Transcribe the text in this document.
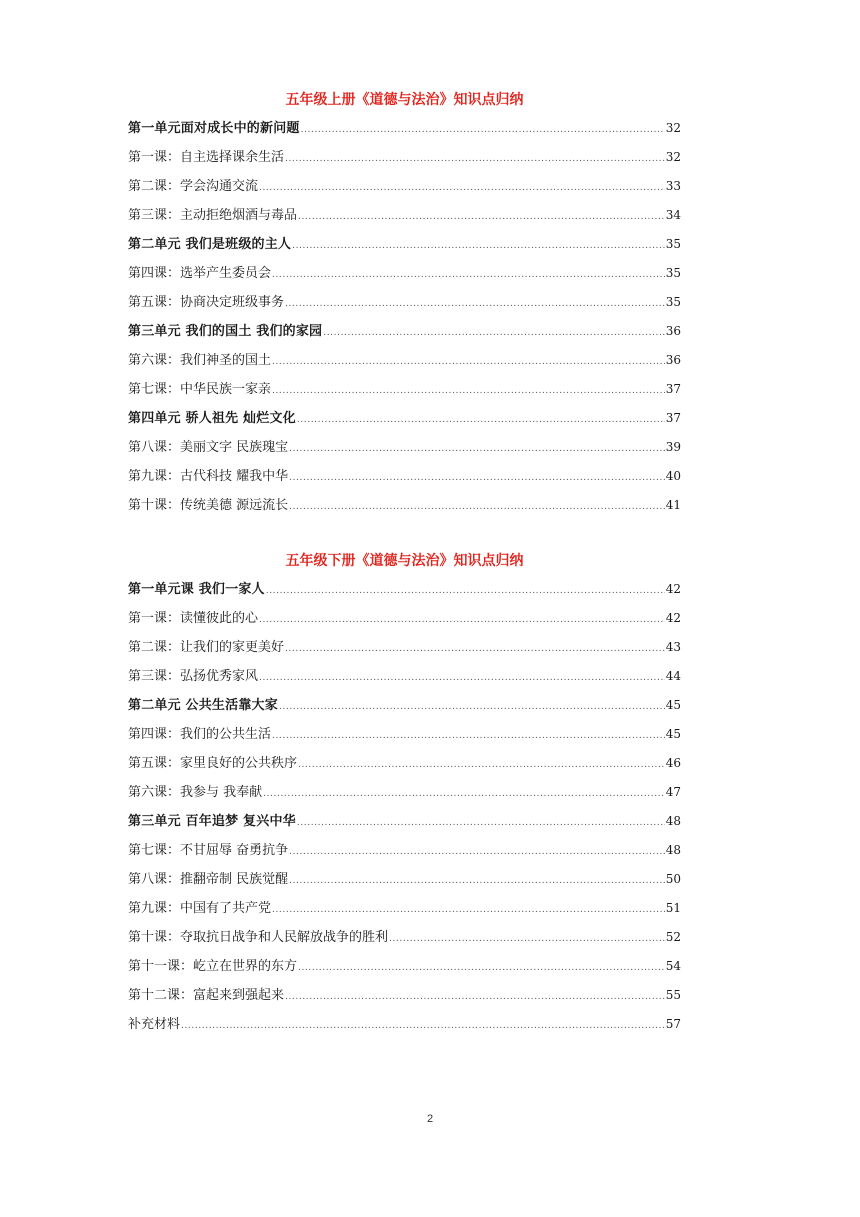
五年级上册《道德与法治》知识点归纳
第一单元面对成长中的新问题 .....	32
第一课：自主选择课余生活 .....	32
第二课：学会沟通交流 .....	33
第三课：主动拒绝烟酒与毒品 .....	34
第二单元 我们是班级的主人 .....	35
第四课：选举产生委员会 .....	35
第五课：协商决定班级事务 .....	35
第三单元 我们的国土 我们的家园 .....	36
第六课：我们神圣的国土 .....	36
第七课：中华民族一家亲 .....	37
第四单元 骄人祖先 灿烂文化 .....	37
第八课：美丽文字 民族瑰宝 .....	39
第九课：古代科技 耀我中华 .....	40
第十课：传统美德 源远流长 .....	41
五年级下册《道德与法治》知识点归纳
第一单元课 我们一家人 .....	42
第一课：读懂彼此的心 .....	42
第二课：让我们的家更美好 .....	43
第三课：弘扬优秀家风 .....	44
第二单元 公共生活靠大家 .....	45
第四课：我们的公共生活 .....	45
第五课：家里良好的公共秩序 .....	46
第六课：我参与 我奉献 .....	47
第三单元 百年追梦 复兴中华 .....	48
第七课：不甘屈辱 奋勇抗争 .....	48
第八课：推翻帝制 民族觉醒 .....	50
第九课：中国有了共产党 .....	51
第十课：夺取抗日战争和人民解放战争的胜利 .....	52
第十一课：屹立在世界的东方 .....	54
第十二课：富起来到强起来 .....	55
补充材料 .....	57
2
